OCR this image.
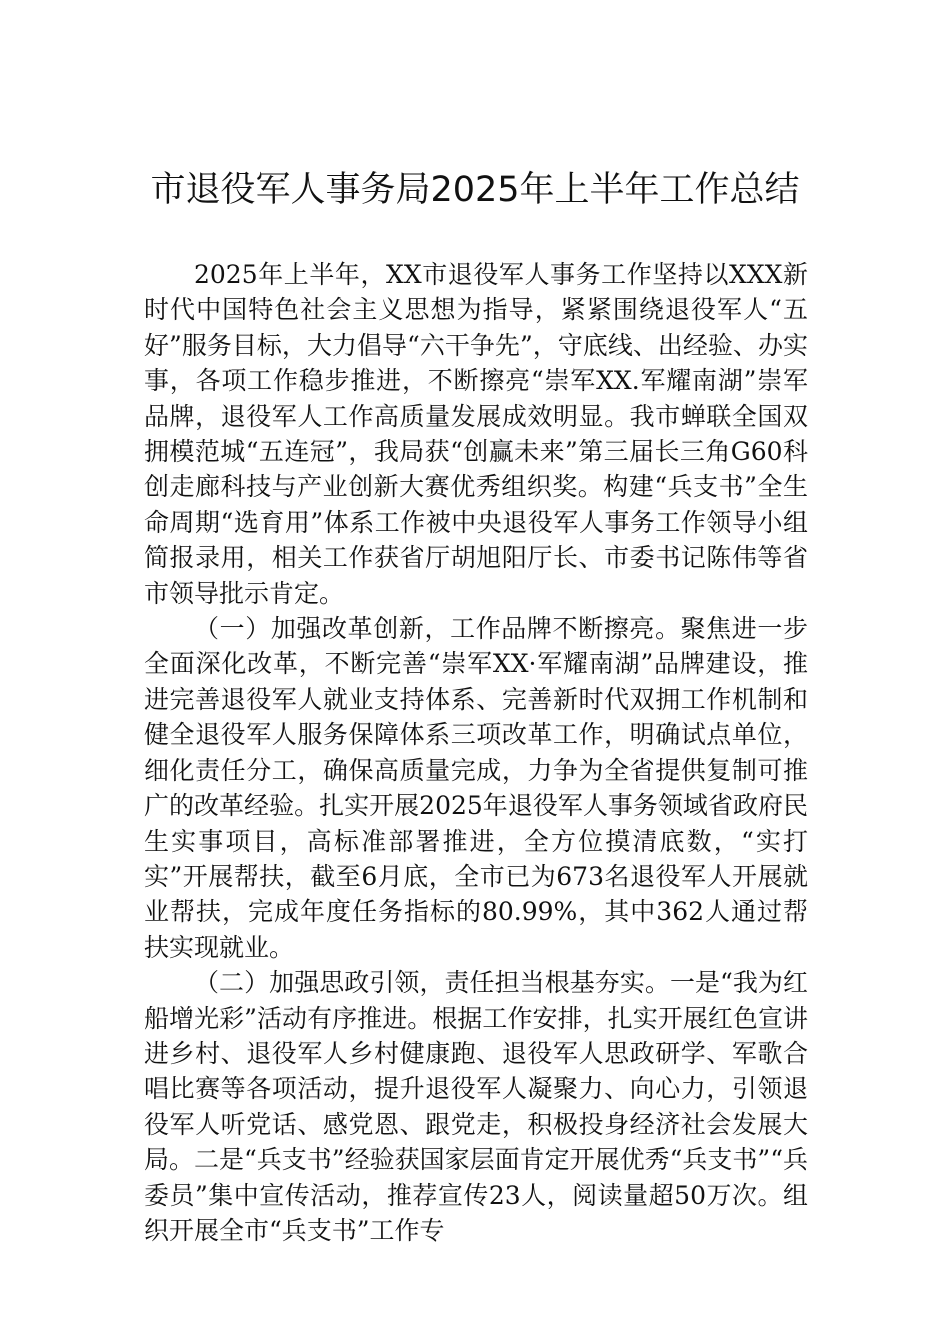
市退役军人事务局2025年上半年工作总结

2025年上半年，XX市退役军人事务工作坚持以XXX新时代中国特色社会主义思想为指导，紧紧围绕退役军人“五好”服务目标，大力倡导“六干争先”，守底线、出经验、办实事，各项工作稳步推进，不断擦亮“崇军XX.军耀南湖”崇军品牌，退役军人工作高质量发展成效明显。我市蝉联全国双拥模范城“五连冠”，我局获“创赢未来”第三届长三角G60科创走廊科技与产业创新大赛优秀组织奖。构建“兵支书”全生命周期“选育用”体系工作被中央退役军人事务工作领导小组简报录用，相关工作获省厅胡旭阳厅长、市委书记陈伟等省市领导批示肯定。

（一）加强改革创新，工作品牌不断擦亮。聚焦进一步全面深化改革，不断完善“崇军XX·军耀南湖”品牌建设，推进完善退役军人就业支持体系、完善新时代双拥工作机制和健全退役军人服务保障体系三项改革工作，明确试点单位，细化责任分工，确保高质量完成，力争为全省提供复制可推广的改革经验。扎实开展2025年退役军人事务领域省政府民生实事项目，高标准部署推进，全方位摸清底数，“实打实”开展帮扶，截至6月底，全市已为673名退役军人开展就业帮扶，完成年度任务指标的80.99%，其中362人通过帮扶实现就业。

（二）加强思政引领，责任担当根基夯实。一是“我为红船增光彩”活动有序推进。根据工作安排，扎实开展红色宣讲进乡村、退役军人乡村健康跑、退役军人思政研学、军歌合唱比赛等各项活动，提升退役军人凝聚力、向心力，引领退役军人听党话、感党恩、跟党走，积极投身经济社会发展大局。二是“兵支书”经验获国家层面肯定开展优秀“兵支书”“兵委员”集中宣传活动，推荐宣传23人，阅读量超50万次。组织开展全市“兵支书”工作专
